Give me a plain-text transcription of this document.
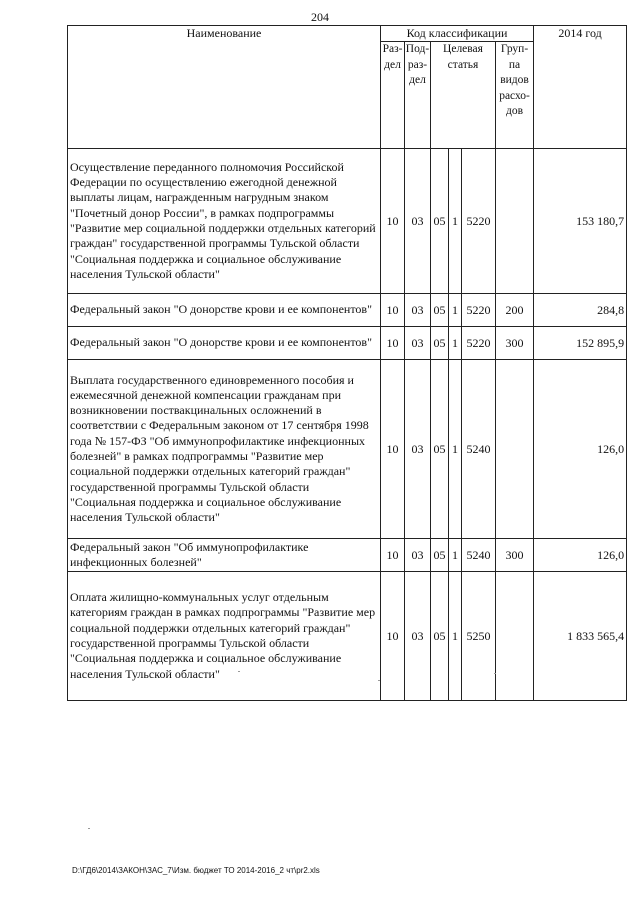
204
Наименование	Код классификации						2014 год
	Раз-дел	Под-раз-дел	Целевая статья			Груп-па видов расхо-дов	
Осуществление переданного полномочия Российской Федерации по осуществлению ежегодной денежной выплаты лицам, награжденным нагрудным знаком "Почетный донор России", в рамках подпрограммы "Развитие мер социальной поддержки отдельных категорий граждан" государственной программы Тульской области "Социальная поддержка и социальное обслуживание населения Тульской области"	10	03	05	1	5220		153 180,7
Федеральный закон "О донорстве крови и ее компонентов"	10	03	05	1	5220	200	284,8
Федеральный закон "О донорстве крови и ее компонентов"	10	03	05	1	5220	300	152 895,9
Выплата государственного единовременного пособия и ежемесячной денежной компенсации гражданам при возникновении поствакцинальных осложнений в соответствии с Федеральным законом от 17 сентября 1998 года № 157-ФЗ "Об иммунопрофилактике инфекционных болезней" в рамках подпрограммы "Развитие мер социальной поддержки отдельных категорий граждан" государственной программы Тульской области "Социальная поддержка и социальное обслуживание населения Тульской области"	10	03	05	1	5240		126,0
Федеральный закон "Об иммунопрофилактике инфекционных болезней"	10	03	05	1	5240	300	126,0
Оплата жилищно-коммунальных услуг отдельным категориям граждан в рамках подпрограммы "Развитие мер социальной поддержки отдельных категорий граждан" государственной программы Тульской области "Социальная поддержка и социальное обслуживание населения Тульской области"	10	03	05	1	5250		1 833 565,4
D:\ГД6\2014\ЗАКОН\ЗАС_7\Изм. бюджет ТО 2014-2016_2 чт\pr2.xls
